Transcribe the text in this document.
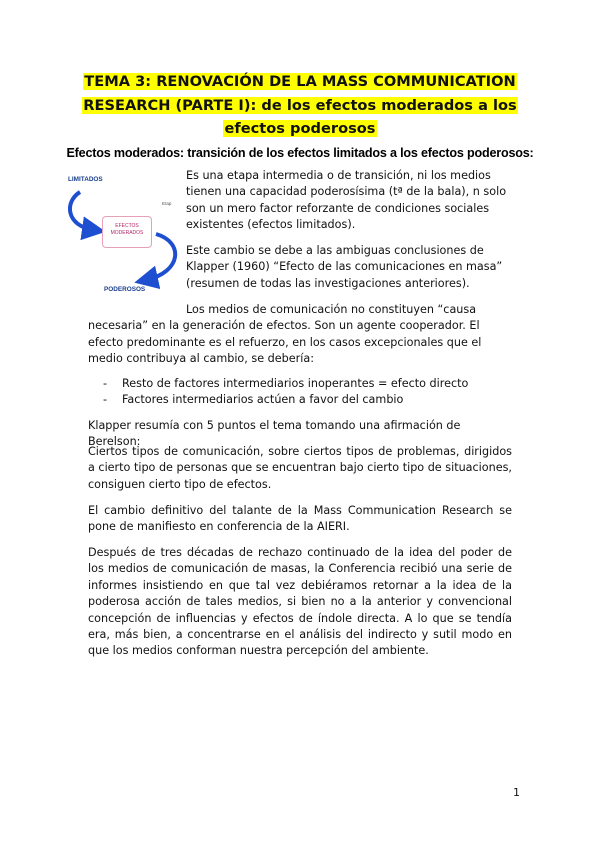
TEMA 3: RENOVACIÓN DE LA MASS COMMUNICATION
RESEARCH (PARTE I): de los efectos moderados a los
efectos poderosos
Efectos moderados: transición de los efectos limitados a los efectos poderosos:
LIMITADOS
EFECTOS MODERADOS
PODEROSOS
Etap

Es una etapa intermedia o de transición, ni los medios tienen una capacidad poderosísima (tª de la bala), n solo son un mero factor reforzante de condiciones sociales existentes (efectos limitados).

Este cambio se debe a las ambiguas conclusiones de Klapper (1960) “Efecto de las comunicaciones en masa” (resumen de todas las investigaciones anteriores).

Los medios de comunicación no constituyen “causa

necesaria” en la generación de efectos. Son un agente cooperador. El efecto predominante es el refuerzo, en los casos excepcionales que el medio contribuya al cambio, se debería:

- Resto de factores intermediarios inoperantes = efecto directo
- Factores intermediarios actúen a favor del cambio

Klapper resumía con 5 puntos el tema tomando una afirmación de Berelson:

Ciertos tipos de comunicación, sobre ciertos tipos de problemas, dirigidos a cierto tipo de personas que se encuentran bajo cierto tipo de situaciones, consiguen cierto tipo de efectos.

El cambio definitivo del talante de la Mass Communication Research se pone de manifiesto en conferencia de la AIERI.

Después de tres décadas de rechazo continuado de la idea del poder de los medios de comunicación de masas, la Conferencia recibió una serie de informes insistiendo en que tal vez debiéramos retornar a la idea de la poderosa acción de tales medios, si bien no a la anterior y convencional concepción de influencias y efectos de índole directa. A lo que se tendía era, más bien, a concentrarse en el análisis del indirecto y sutil modo en que los medios conforman nuestra percepción del ambiente.

1
